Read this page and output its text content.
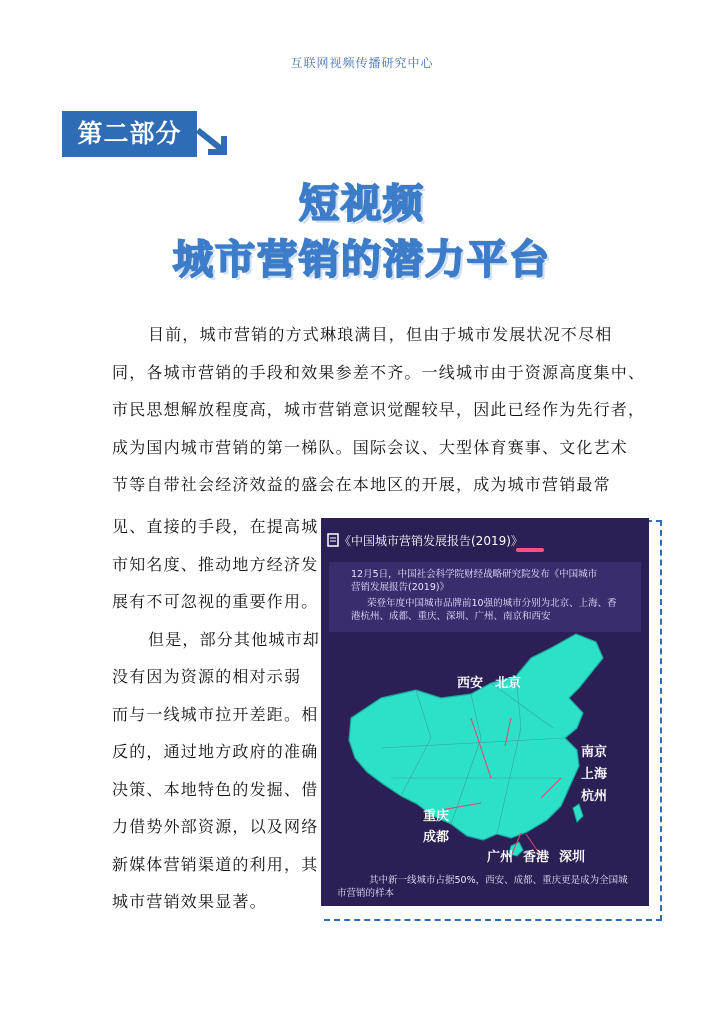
互联网视频传播研究中心
第二部分
短视频
城市营销的潜力平台
目前，城市营销的方式琳琅满目，但由于城市发展状况不尽相
同，各城市营销的手段和效果参差不齐。一线城市由于资源高度集中、
市民思想解放程度高，城市营销意识觉醒较早，因此已经作为先行者，
成为国内城市营销的第一梯队。国际会议、大型体育赛事、文化艺术
节等自带社会经济效益的盛会在本地区的开展，成为城市营销最常
见、直接的手段，在提高城
市知名度、推动地方经济发
展有不可忽视的重要作用。
但是，部分其他城市却
没有因为资源的相对示弱
而与一线城市拉开差距。相
反的，通过地方政府的准确
决策、本地特色的发掘、借
力借势外部资源，以及网络
新媒体营销渠道的利用，其
城市营销效果显著。
《中国城市营销发展报告(2019)》
12月5日，中国社会科学院财经战略研究院发布《中国城市
营销发展报告(2019)》
荣登年度中国城市品牌前10强的城市分别为北京、上海、香
港杭州、成都、重庆、深圳、广州、南京和西安
西安 北京
南京
上海
杭州
重庆
成都
广州 香港 深圳
其中新一线城市占据50%，西安、成都、重庆更是成为全国城
市营销的样本
